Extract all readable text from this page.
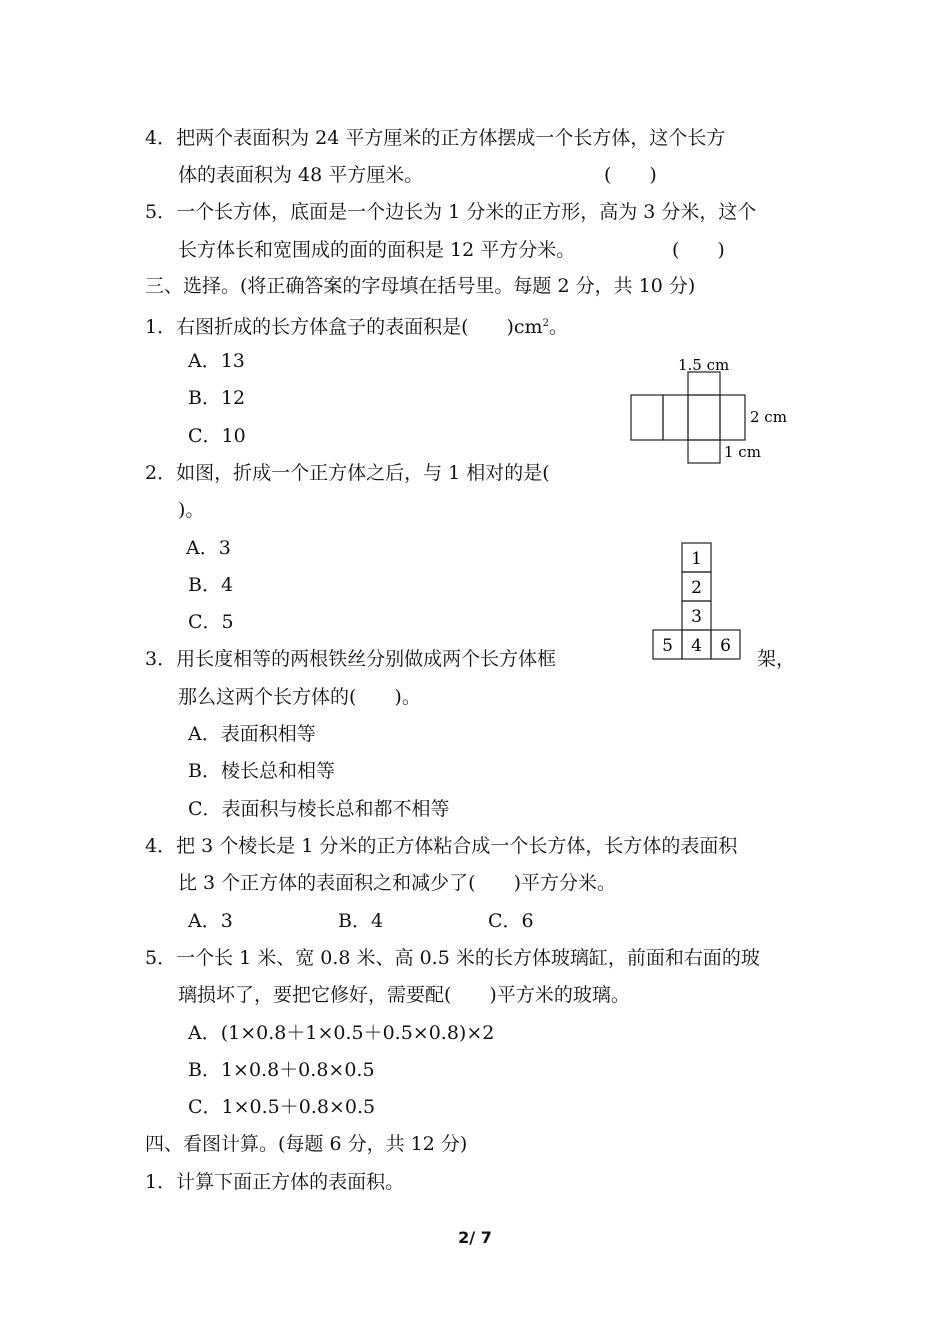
4．把两个表面积为 24 平方厘米的正方体摆成一个长方体，这个长方
体的表面积为 48 平方厘米。	(　　)
5．一个长方体，底面是一个边长为 1 分米的正方形，高为 3 分米，这个
长方体长和宽围成的面的面积是 12 平方分米。	(　　)
三、选择。(将正确答案的字母填在括号里。每题 2 分，共 10 分)
1．右图折成的长方体盒子的表面积是(　　)$cm^2$。
A．13
B．12
C．10
1.5 cm
2 cm
1 cm
2．如图，折成一个正方体之后，与 1 相对的是(
)。
A．3
B．4
C．5
1
2
3
5 4 6
3．用长度相等的两根铁丝分别做成两个长方体框	架，
那么这两个长方体的(　　)。
A．表面积相等
B．棱长总和相等
C．表面积与棱长总和都不相等
4．把 3 个棱长是 1 分米的正方体粘合成一个长方体，长方体的表面积
比 3 个正方体的表面积之和减少了(　　)平方分米。
A．3	B．4	C．6
5．一个长 1 米、宽 0.8 米、高 0.5 米的长方体玻璃缸，前面和右面的玻
璃损坏了，要把它修好，需要配(　　)平方米的玻璃。
A．(1×0.8＋1×0.5＋0.5×0.8)×2
B．1×0.8＋0.8×0.5
C．1×0.5＋0.8×0.5
四、看图计算。(每题 6 分，共 12 分)
1．计算下面正方体的表面积。
2/ 7
